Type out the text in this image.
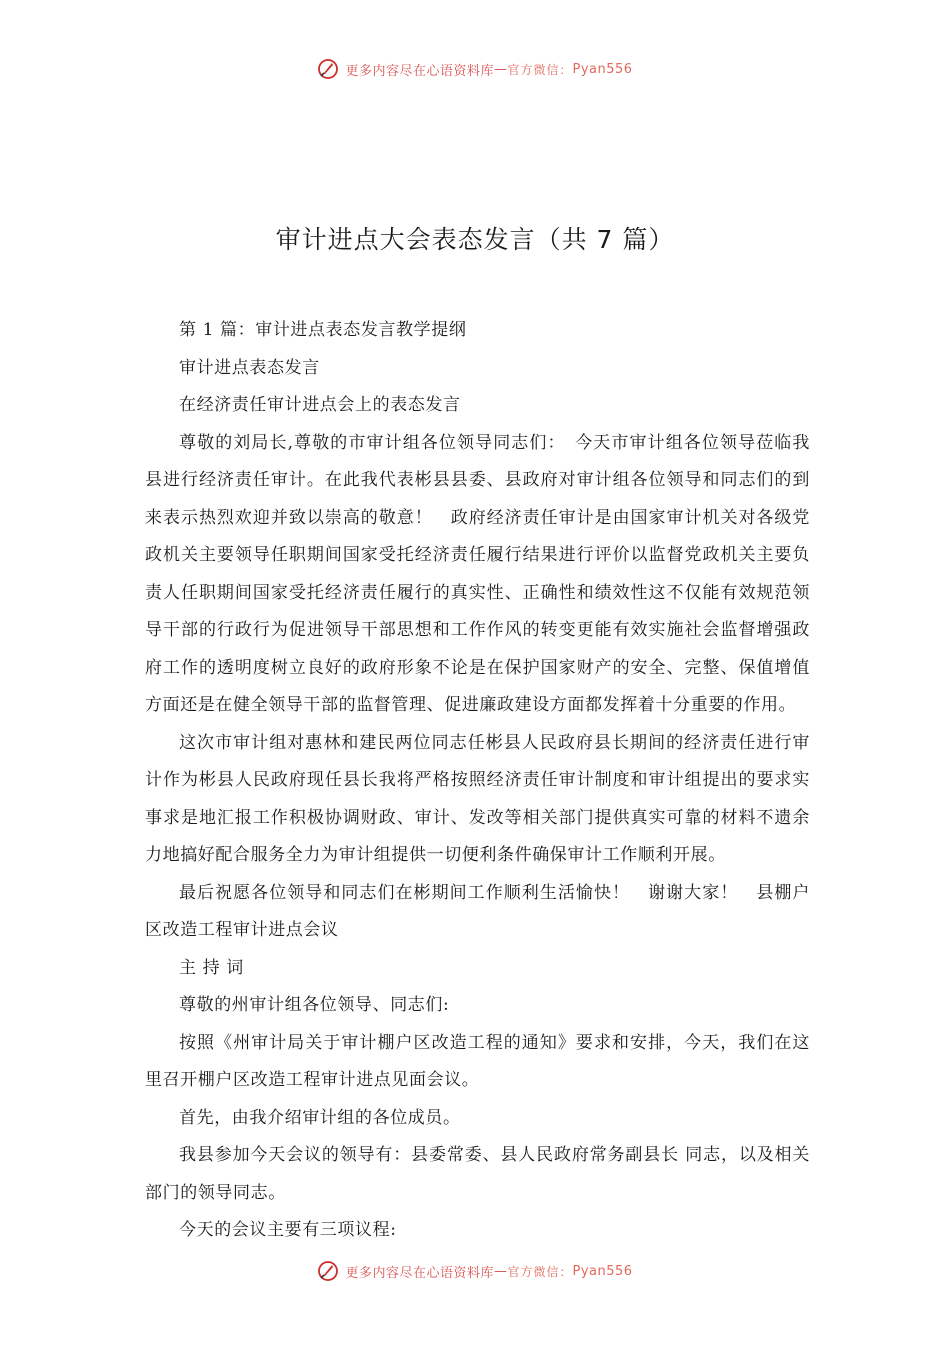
更多内容尽在心语资料库 — 官方微信： Pyan556
审计进点大会表态发言（共 7 篇）

第 1 篇：审计进点表态发言教学提纲

审计进点表态发言

在经济责任审计进点会上的表态发言

尊敬的刘局长,尊敬的市审计组各位领导同志们：　今天市审计组各位领导莅临我县进行经济责任审计。在此我代表彬县县委、县政府对审计组各位领导和同志们的到来表示热烈欢迎并致以崇高的敬意！　政府经济责任审计是由国家审计机关对各级党政机关主要领导任职期间国家受托经济责任履行结果进行评价以监督党政机关主要负责人任职期间国家受托经济责任履行的真实性、正确性和绩效性这不仅能有效规范领导干部的行政行为促进领导干部思想和工作作风的转变更能有效实施社会监督增强政府工作的透明度树立良好的政府形象不论是在保护国家财产的安全、完整、保值增值方面还是在健全领导干部的监督管理、促进廉政建设方面都发挥着十分重要的作用。

这次市审计组对惠林和建民两位同志任彬县人民政府县长期间的经济责任进行审计作为彬县人民政府现任县长我将严格按照经济责任审计制度和审计组提出的要求实事求是地汇报工作积极协调财政、审计、发改等相关部门提供真实可靠的材料不遗余力地搞好配合服务全力为审计组提供一切便利条件确保审计工作顺利开展。

最后祝愿各位领导和同志们在彬期间工作顺利生活愉快！　谢谢大家！　县棚户区改造工程审计进点会议

主 持 词

尊敬的州审计组各位领导、同志们:

按照《州审计局关于审计棚户区改造工程的通知》要求和安排，今天，我们在这里召开棚户区改造工程审计进点见面会议。

首先，由我介绍审计组的各位成员。

我县参加今天会议的领导有：县委常委、县人民政府常务副县长 同志，以及相关部门的领导同志。

今天的会议主要有三项议程:

更多内容尽在心语资料库 — 官方微信： Pyan556
